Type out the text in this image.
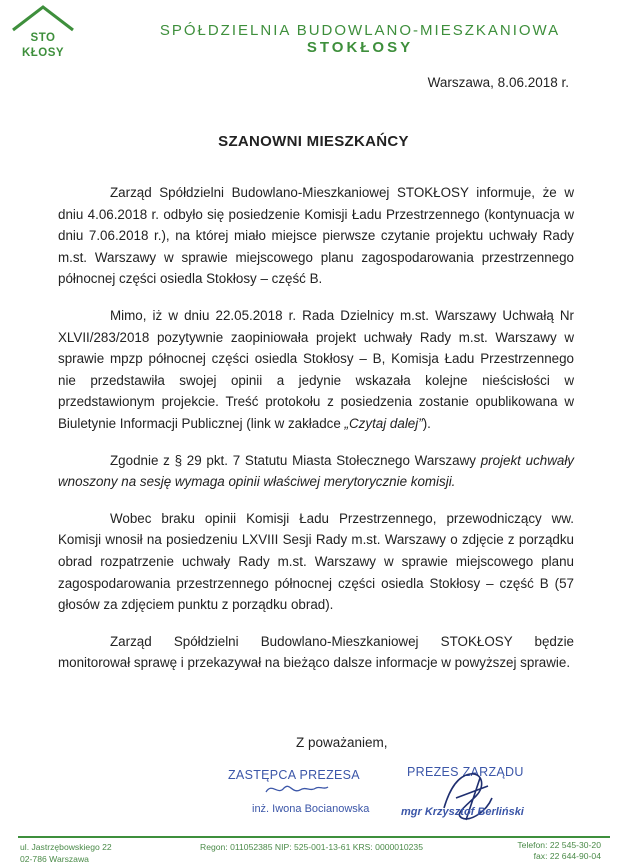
STO
KŁOSY
SPÓŁDZIELNIA BUDOWLANO-MIESZKANIOWA
STOKŁOSY
Warszawa, 8.06.2018 r.
SZANOWNI MIESZKAŃCY

Zarząd Spółdzielni Budowlano-Mieszkaniowej STOKŁOSY informuje, że w dniu 4.06.2018 r. odbyło się posiedzenie Komisji Ładu Przestrzennego (kontynuacja w dniu 7.06.2018 r.), na której miało miejsce pierwsze czytanie projektu uchwały Rady m.st. Warszawy w sprawie miejscowego planu zagospodarowania przestrzennego północnej części osiedla Stokłosy – część B.

Mimo, iż w dniu 22.05.2018 r. Rada Dzielnicy m.st. Warszawy Uchwałą Nr XLVII/283/2018 pozytywnie zaopiniowała projekt uchwały Rady m.st. Warszawy w sprawie mpzp północnej części osiedla Stokłosy – B, Komisja Ładu Przestrzennego nie przedstawiła swojej opinii a jedynie wskazała kolejne nieścisłości w przedstawionym projekcie. Treść protokołu z posiedzenia zostanie opublikowana w Biuletynie Informacji Publicznej (link w zakładce „Czytaj dalej”).

Zgodnie z § 29 pkt. 7 Statutu Miasta Stołecznego Warszawy projekt uchwały wnoszony na sesję wymaga opinii właściwej merytorycznie komisji.

Wobec braku opinii Komisji Ładu Przestrzennego, przewodniczący ww. Komisji wnosił na posiedzeniu LXVIII Sesji Rady m.st. Warszawy o zdjęcie z porządku obrad rozpatrzenie uchwały Rady m.st. Warszawy w sprawie miejscowego planu zagospodarowania przestrzennego północnej części osiedla Stokłosy – część B (57 głosów za zdjęciem punktu z porządku obrad).

Zarząd Spółdzielni Budowlano-Mieszkaniowej STOKŁOSY będzie monitorował sprawę i przekazywał na bieżąco dalsze informacje w powyższej sprawie.

Z poważaniem,
ZASTĘPCA PREZESA
inż. Iwona Bocianowska
PREZES ZARZĄDU
mgr Krzysztof Berliński
ul. Jastrzębowskiego 22
02-786 Warszawa
Regon: 011052385 NIP: 525-001-13-61 KRS: 0000010235	Telefon: 22 545-30-20
fax: 22 644-90-04
